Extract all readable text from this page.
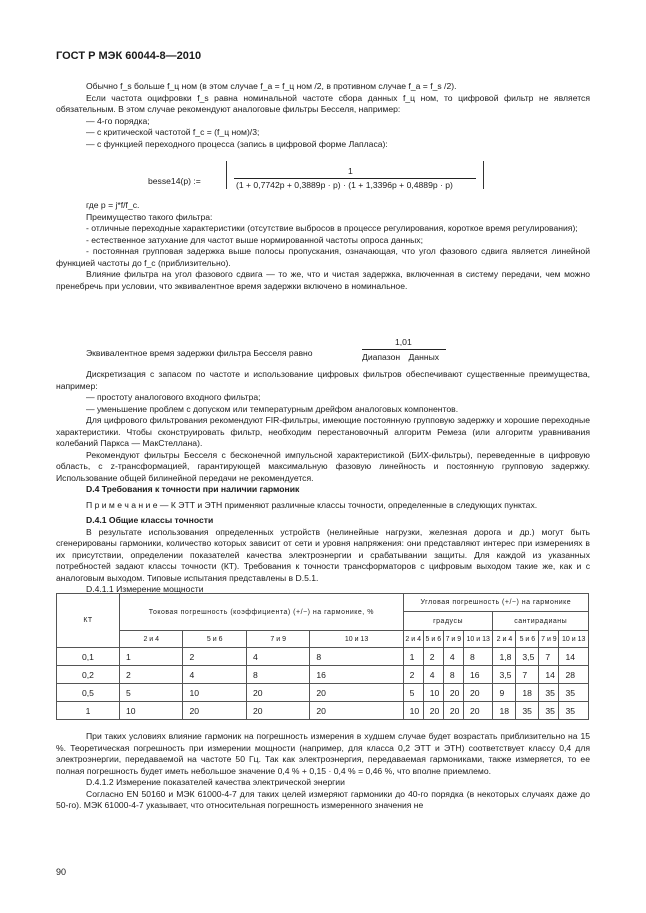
ГОСТ Р МЭК 60044-8—2010

Обычно f_s больше f_ц ном (в этом случае f_a = f_ц ном /2, в противном случае f_a = f_s /2).

Если частота оцифровки f_s равна номинальной частоте сбора данных f_ц ном, то цифровой фильтр не является обязательным. В этом случае рекомендуют аналоговые фильтры Бесселя, например:

— 4-го порядка;

— с критической частотой f_c = (f_ц ном)/3;

— с функцией переходного процесса (запись в цифровой форме Лапласа):

besse14(p) :=
1
(1 + 0,7742p + 0,3889p · p) · (1 + 1,3396p + 0,4889p · p)

где p = j*f/f_c.

Преимущество такого фильтра:

- отличные переходные характеристики (отсутствие выбросов в процессе регулирования, короткое время регулирования);

- естественное затухание для частот выше нормированной частоты опроса данных;

- постоянная групповая задержка выше полосы пропускания, означающая, что угол фазового сдвига является линейной функцией частоты до f_c (приблизительно).

Влияние фильтра на угол фазового сдвига — то же, что и чистая задержка, включенная в систему передачи, чем можно пренебречь при условии, что эквивалентное время задержки включено в номинальное.

Эквивалентное время задержки фильтра Бесселя равно
1,01
Диапазон Данных

Дискретизация с запасом по частоте и использование цифровых фильтров обеспечивают существенные преимущества, например:

— простоту аналогового входного фильтра;

— уменьшение проблем с допуском или температурным дрейфом аналоговых компонентов.

Для цифрового фильтрования рекомендуют FIR-фильтры, имеющие постоянную групповую задержку и хорошие переходные характеристики. Чтобы сконструировать фильтр, необходим перестановочный алгоритм Ремеза (или алгоритм уравнивания колебаний Паркса — МакСтеллана).

Рекомендуют фильтры Бесселя с бесконечной импульсной характеристикой (БИХ-фильтры), переведенные в цифровую область, с z-трансформацией, гарантирующей максимальную фазовую линейность и постоянную групповую задержку. Использование общей билинейной передачи не рекомендуется.

D.4 Требования к точности при наличии гармоник

П р и м е ч а н и е — К ЭТТ и ЭТН применяют различные классы точности, определенные в следующих пунктах.

D.4.1 Общие классы точности

В результате использования определенных устройств (нелинейные нагрузки, железная дорога и др.) могут быть сгенерированы гармоники, количество которых зависит от сети и уровня напряжения: они представляют интерес при измерениях в их присутствии, определении показателей качества электроэнергии и срабатывании защиты. Для каждой из указанных потребностей задают классы точности (КТ). Требования к точности трансформаторов с цифровым выходом такие же, как и с аналоговым выходом. Типовые испытания представлены в D.5.1.

D.4.1.1 Измерение мощности

КТ	Токовая погрешность (коэффициента) (+/−) на гармонике, %				Угловая погрешность (+/−) на гармонике							
					градусы				сантирадианы			
	2 и 4	5 и 6	7 и 9	10 и 13	2 и 4	5 и 6	7 и 9	10 и 13	2 и 4	5 и 6	7 и 9	10 и 13
0,1	1	2	4	8	1	2	4	8	1,8	3,5	7	14
0,2	2	4	8	16	2	4	8	16	3,5	7	14	28
0,5	5	10	20	20	5	10	20	20	9	18	35	35
1	10	20	20	20	10	20	20	20	18	35	35	35

При таких условиях влияние гармоник на погрешность измерения в худшем случае будет возрастать приблизительно на 15 %. Теоретическая погрешность при измерении мощности (например, для класса 0,2 ЭТТ и ЭТН) соответствует классу 0,4 для электроэнергии, передаваемой на частоте 50 Гц. Так как электроэнергия, передаваемая гармониками, также измеряется, то ее полная погрешность будет иметь небольшое значение 0,4 % + 0,15 · 0,4 % = 0,46 %, что вполне приемлемо.

D.4.1.2 Измерение показателей качества электрической энергии

Согласно EN 50160 и МЭК 61000-4-7 для таких целей измеряют гармоники до 40-го порядка (в некоторых случаях даже до 50-го). МЭК 61000-4-7 указывает, что относительная погрешность измеренного значения не

90
